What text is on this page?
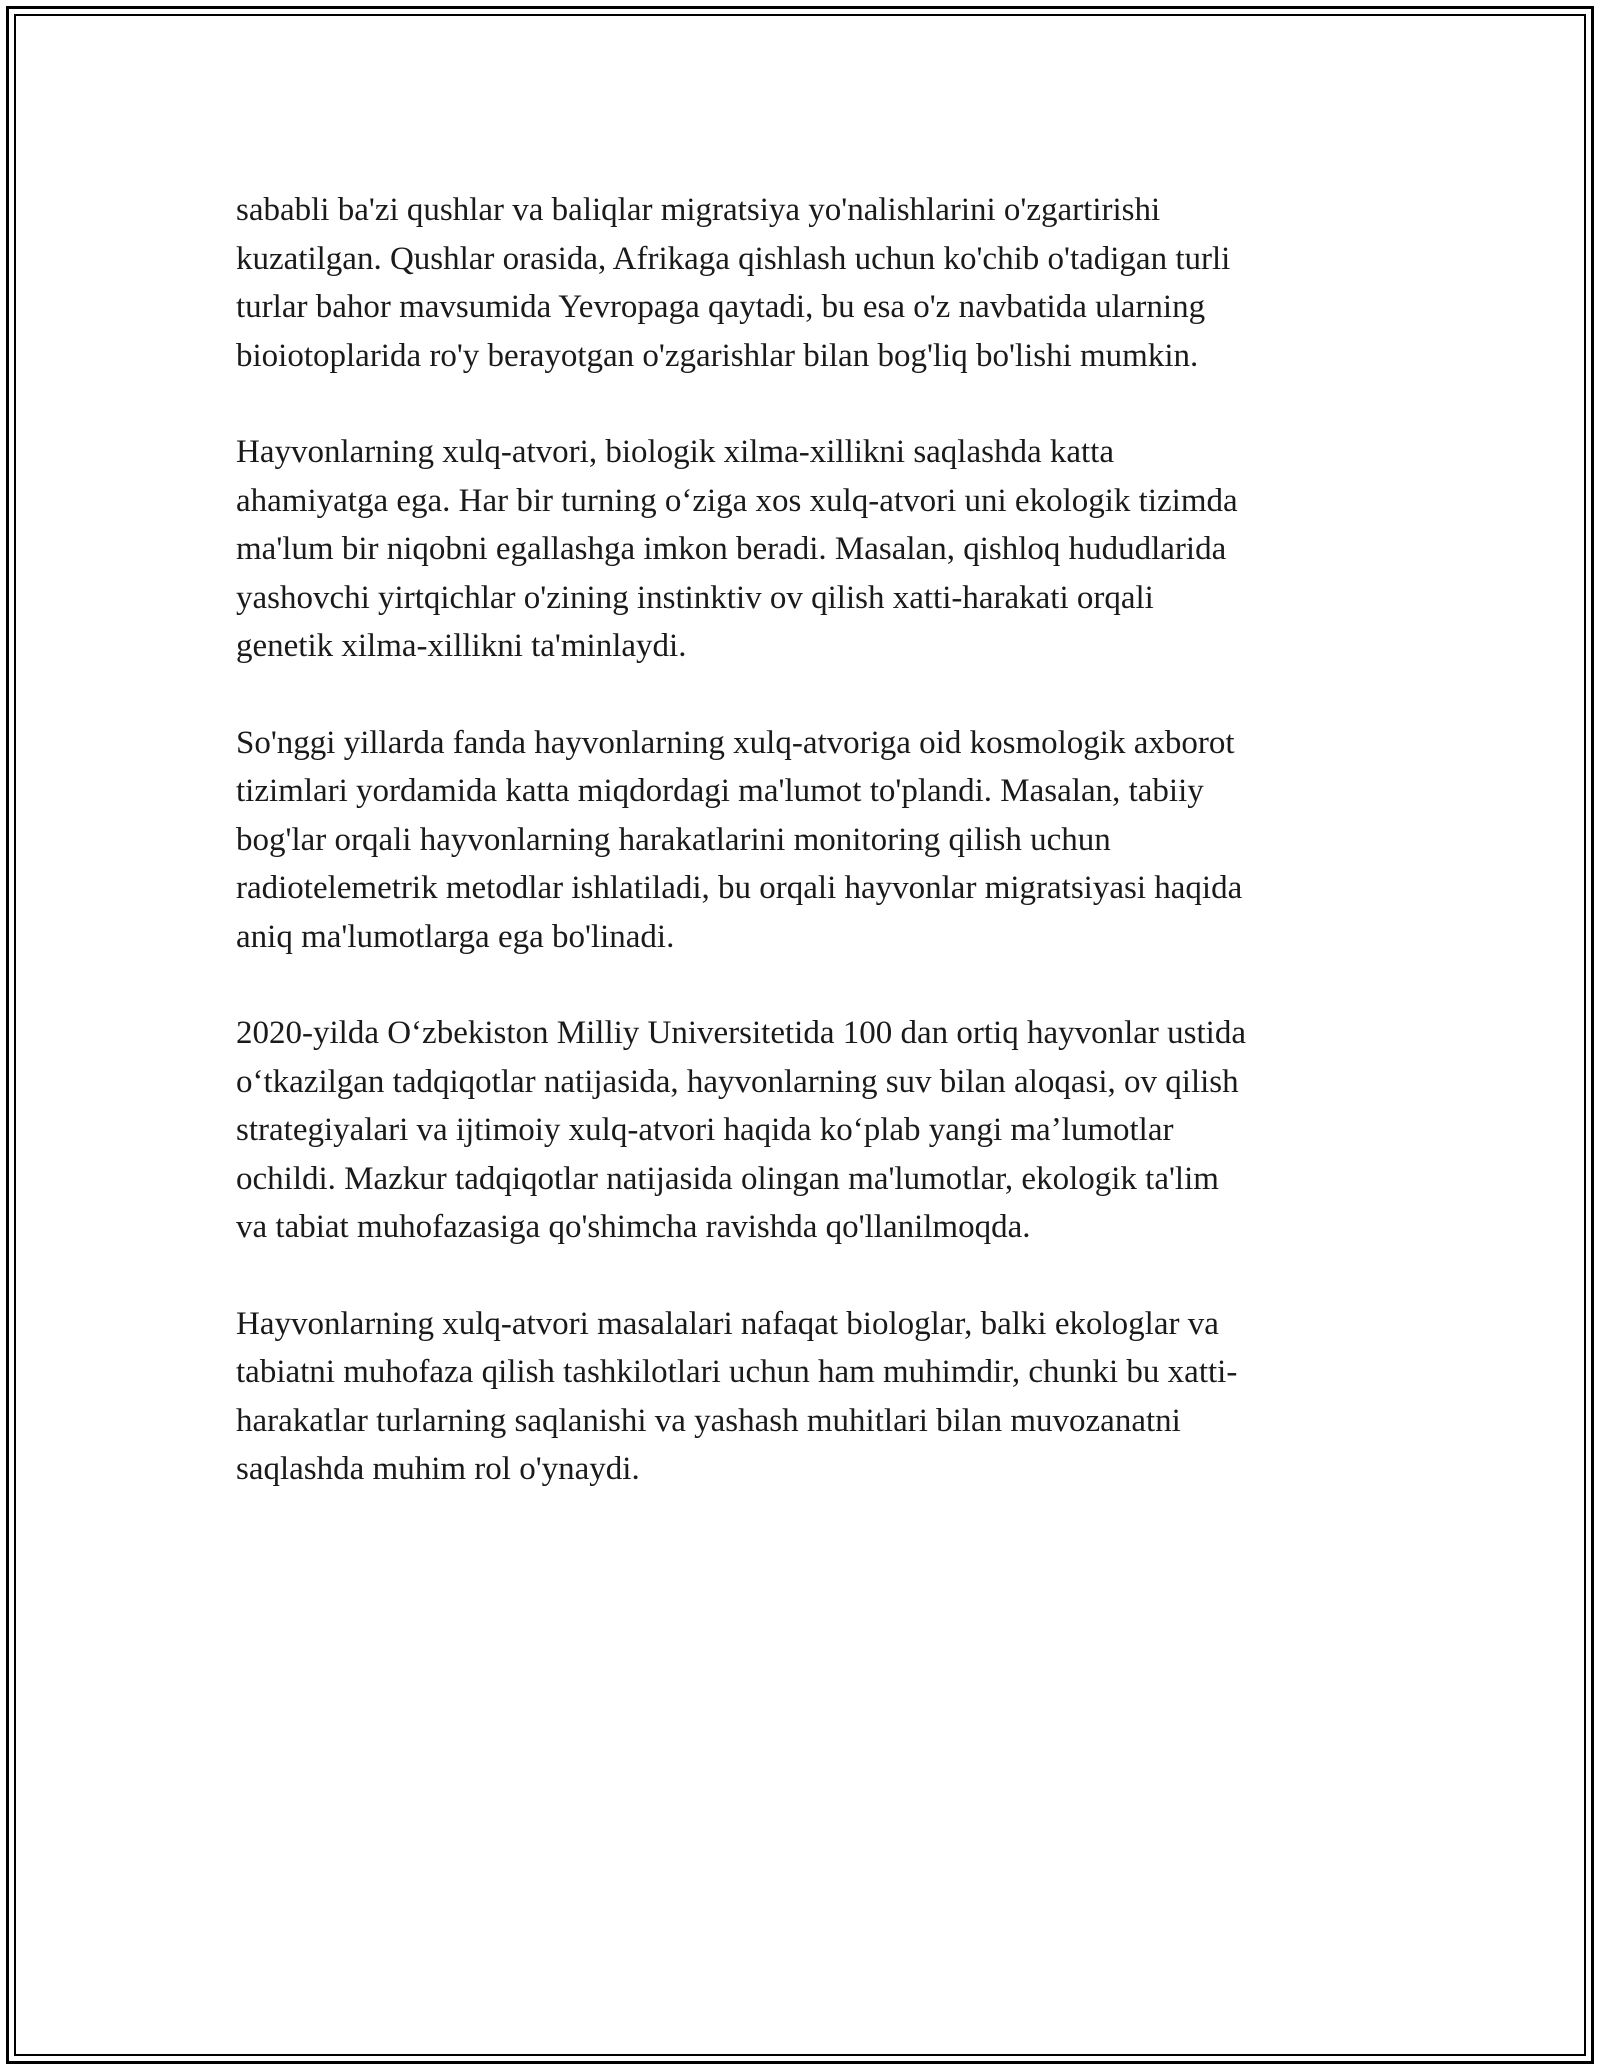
sababli ba'zi qushlar va baliqlar migratsiya yo'nalishlarini o'zgartirishi
kuzatilgan. Qushlar orasida, Afrikaga qishlash uchun ko'chib o'tadigan turli
turlar bahor mavsumida Yevropaga qaytadi, bu esa o'z navbatida ularning
bioiotoplarida ro'y berayotgan o'zgarishlar bilan bog'liq bo'lishi mumkin.

Hayvonlarning xulq-atvori, biologik xilma-xillikni saqlashda katta
ahamiyatga ega. Har bir turning oʻziga xos xulq-atvori uni ekologik tizimda
ma'lum bir niqobni egallashga imkon beradi. Masalan, qishloq hududlarida
yashovchi yirtqichlar o'zining instinktiv ov qilish xatti-harakati orqali
genetik xilma-xillikni ta'minlaydi.

So'nggi yillarda fanda hayvonlarning xulq-atvoriga oid kosmologik axborot
tizimlari yordamida katta miqdordagi ma'lumot to'plandi. Masalan, tabiiy
bog'lar orqali hayvonlarning harakatlarini monitoring qilish uchun
radiotelemetrik metodlar ishlatiladi, bu orqali hayvonlar migratsiyasi haqida
aniq ma'lumotlarga ega bo'linadi.

2020-yilda Oʻzbekiston Milliy Universitetida 100 dan ortiq hayvonlar ustida
oʻtkazilgan tadqiqotlar natijasida, hayvonlarning suv bilan aloqasi, ov qilish
strategiyalari va ijtimoiy xulq-atvori haqida koʻplab yangi maʼlumotlar
ochildi. Mazkur tadqiqotlar natijasida olingan ma'lumotlar, ekologik ta'lim
va tabiat muhofazasiga qo'shimcha ravishda qo'llanilmoqda.

Hayvonlarning xulq-atvori masalalari nafaqat biologlar, balki ekologlar va
tabiatni muhofaza qilish tashkilotlari uchun ham muhimdir, chunki bu xatti-
harakatlar turlarning saqlanishi va yashash muhitlari bilan muvozanatni
saqlashda muhim rol o'ynaydi.
